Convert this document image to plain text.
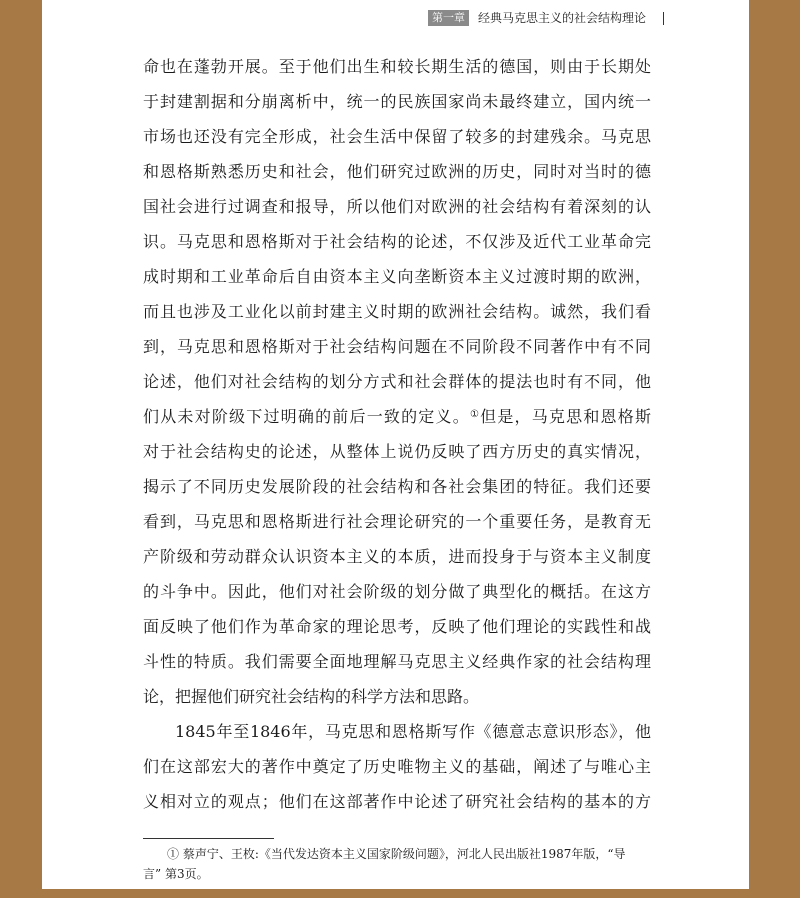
第一章	经典马克思主义的社会结构理论
命也在蓬勃开展。至于他们出生和较长期生活的德国，则由于长期处
于封建割据和分崩离析中，统一的民族国家尚未最终建立，国内统一
市场也还没有完全形成，社会生活中保留了较多的封建残余。马克思
和恩格斯熟悉历史和社会，他们研究过欧洲的历史，同时对当时的德
国社会进行过调查和报导，所以他们对欧洲的社会结构有着深刻的认
识。马克思和恩格斯对于社会结构的论述，不仅涉及近代工业革命完
成时期和工业革命后自由资本主义向垄断资本主义过渡时期的欧洲，
而且也涉及工业化以前封建主义时期的欧洲社会结构。诚然，我们看
到，马克思和恩格斯对于社会结构问题在不同阶段不同著作中有不同
论述，他们对社会结构的划分方式和社会群体的提法也时有不同，他
们从未对阶级下过明确的前后一致的定义。①但是，马克思和恩格斯
对于社会结构史的论述，从整体上说仍反映了西方历史的真实情况，
揭示了不同历史发展阶段的社会结构和各社会集团的特征。我们还要
看到，马克思和恩格斯进行社会理论研究的一个重要任务，是教育无
产阶级和劳动群众认识资本主义的本质，进而投身于与资本主义制度
的斗争中。因此，他们对社会阶级的划分做了典型化的概括。在这方
面反映了他们作为革命家的理论思考，反映了他们理论的实践性和战
斗性的特质。我们需要全面地理解马克思主义经典作家的社会结构理
论，把握他们研究社会结构的科学方法和思路。
1845年至1846年，马克思和恩格斯写作《德意志意识形态》，他
们在这部宏大的著作中奠定了历史唯物主义的基础，阐述了与唯心主
义相对立的观点；他们在这部著作中论述了研究社会结构的基本的方
① 蔡声宁、王枚:《当代发达资本主义国家阶级问题》，河北人民出版社1987年版，“导
言” 第3页。
